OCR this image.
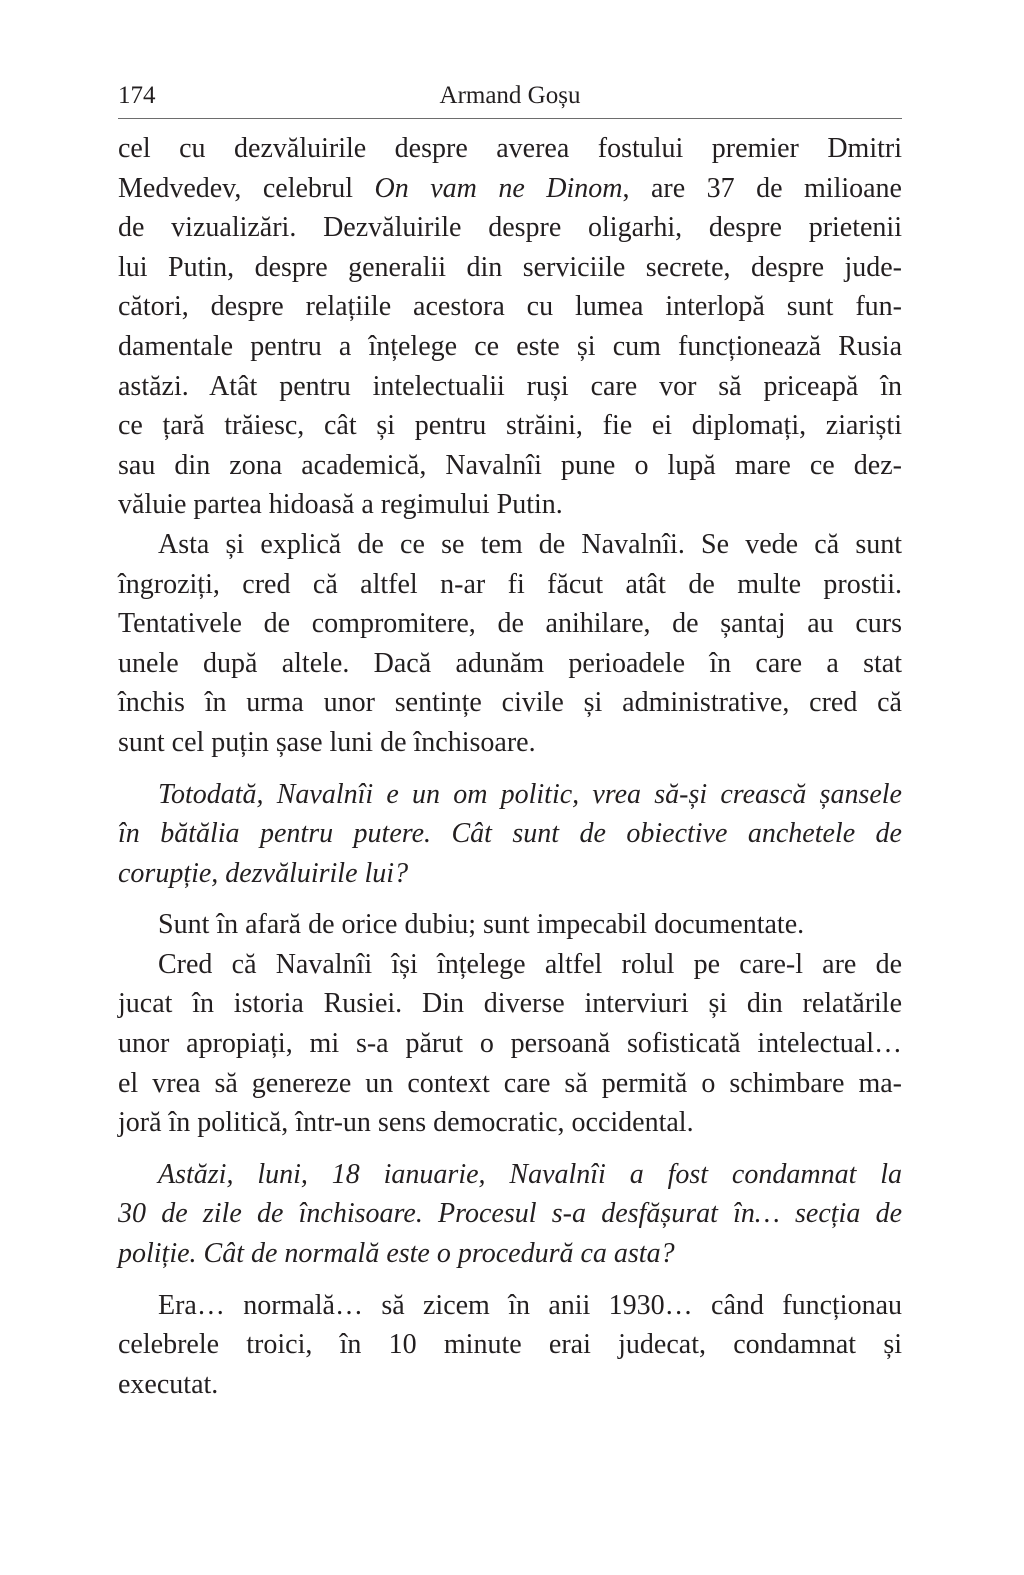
174	Armand Goșu
cel cu dezvăluirile despre averea fostului premier Dmitri
Medvedev, celebrul On vam ne Dinom, are 37 de milioane
de vizualizări. Dezvăluirile despre oligarhi, despre prietenii
lui Putin, despre generalii din serviciile secrete, despre jude-
cători, despre relațiile acestora cu lumea interlopă sunt fun-
damentale pentru a înțelege ce este și cum funcționează Rusia
astăzi. Atât pentru intelectualii ruși care vor să priceapă în
ce țară trăiesc, cât și pentru străini, fie ei diplomați, ziariști
sau din zona academică, Navalnîi pune o lupă mare ce dez-
văluie partea hidoasă a regimului Putin.
Asta și explică de ce se tem de Navalnîi. Se vede că sunt
îngroziți, cred că altfel n-ar fi făcut atât de multe prostii.
Tentativele de compromitere, de anihilare, de șantaj au curs
unele după altele. Dacă adunăm perioadele în care a stat
închis în urma unor sentințe civile și administrative, cred că
sunt cel puțin șase luni de închisoare.
Totodată, Navalnîi e un om politic, vrea să-și crească șansele
în bătălia pentru putere. Cât sunt de obiective anchetele de
corupție, dezvăluirile lui?
Sunt în afară de orice dubiu; sunt impecabil documentate.
Cred că Navalnîi își înțelege altfel rolul pe care-l are de
jucat în istoria Rusiei. Din diverse interviuri și din relatările
unor apropiați, mi s-a părut o persoană sofisticată intelectual…
el vrea să genereze un context care să permită o schimbare ma-
joră în politică, într-un sens democratic, occidental.
Astăzi, luni, 18 ianuarie, Navalnîi a fost condamnat la
30 de zile de închisoare. Procesul s-a desfășurat în… secția de
poliție. Cât de normală este o procedură ca asta?
Era… normală… să zicem în anii 1930… când funcționau
celebrele troici, în 10 minute erai judecat, condamnat și
executat.
